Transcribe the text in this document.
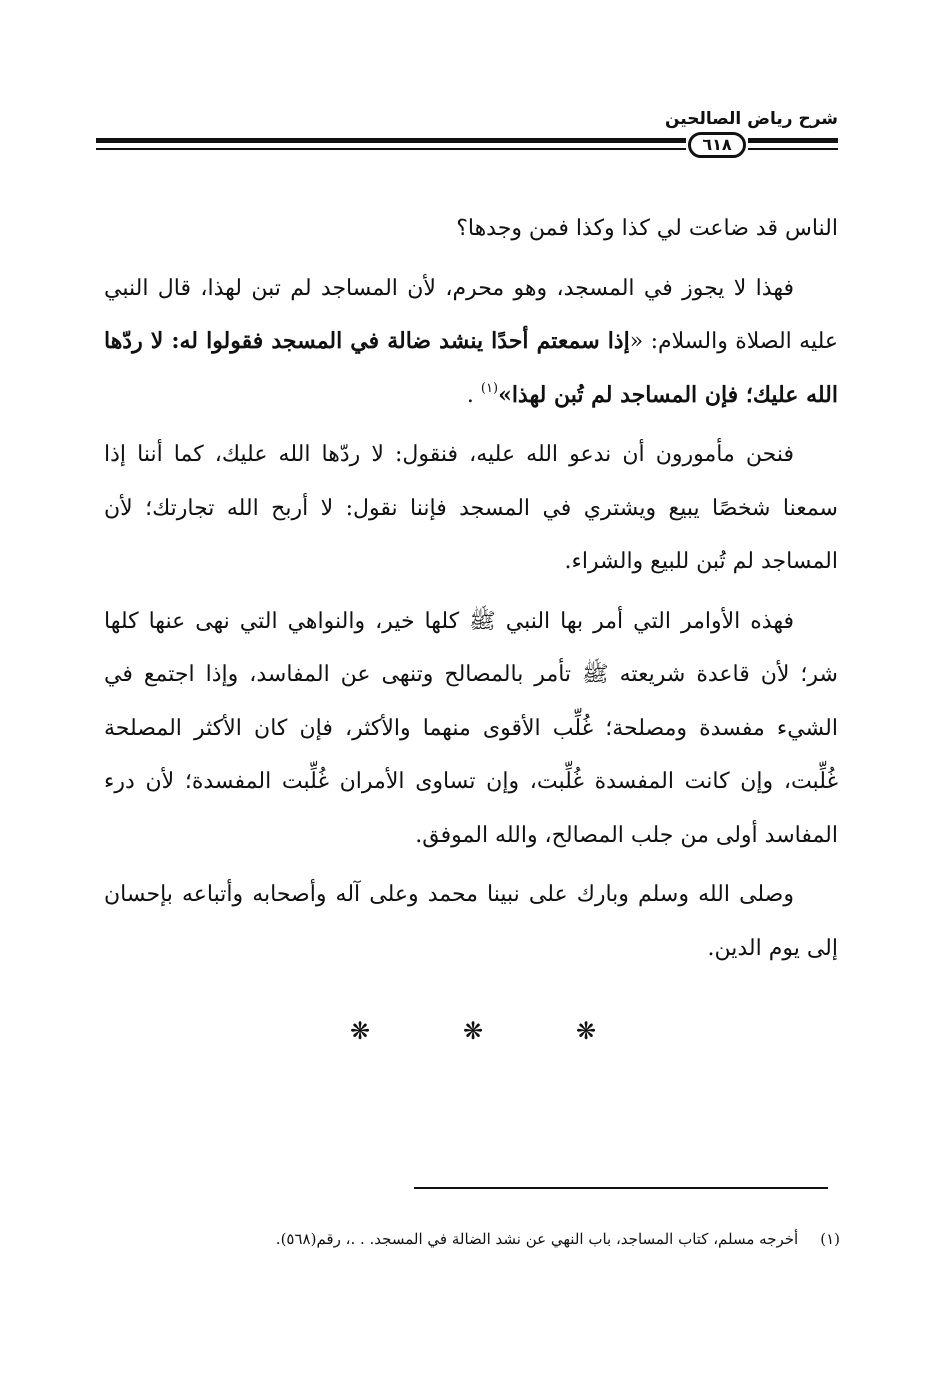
شرح رياض الصالحين
٦١٨

الناس قد ضاعت لي كذا وكذا فمن وجدها؟

فهذا لا يجوز في المسجد، وهو محرم، لأن المساجد لم تبن لهذا، قال النبي عليه الصلاة والسلام: «إذا سمعتم أحدًا ينشد ضالة في المسجد فقولوا له: لا ردّها الله عليك؛ فإن المساجد لم تُبن لهذا»$^{(١)}$ .

فنحن مأمورون أن ندعو الله عليه، فنقول: لا ردّها الله عليك، كما أننا إذا سمعنا شخصًا يبيع ويشتري في المسجد فإننا نقول: لا أربح الله تجارتك؛ لأن المساجد لم تُبن للبيع والشراء.

فهذه الأوامر التي أمر بها النبي ﷺ كلها خير، والنواهي التي نهى عنها كلها شر؛ لأن قاعدة شريعته ﷺ تأمر بالمصالح وتنهى عن المفاسد، وإذا اجتمع في الشيء مفسدة ومصلحة؛ غُلِّب الأقوى منهما والأكثر، فإن كان الأكثر المصلحة غُلِّبت، وإن كانت المفسدة غُلِّبت، وإن تساوى الأمران غُلِّبت المفسدة؛ لأن درء المفاسد أولى من جلب المصالح، والله الموفق.

وصلى الله وسلم وبارك على نبينا محمد وعلى آله وأصحابه وأتباعه بإحسان إلى يوم الدين.

❋	❋	❋
(١)أخرجه مسلم، كتاب المساجد، باب النهي عن نشد الضالة في المسجد. . .، رقم(٥٦٨).
